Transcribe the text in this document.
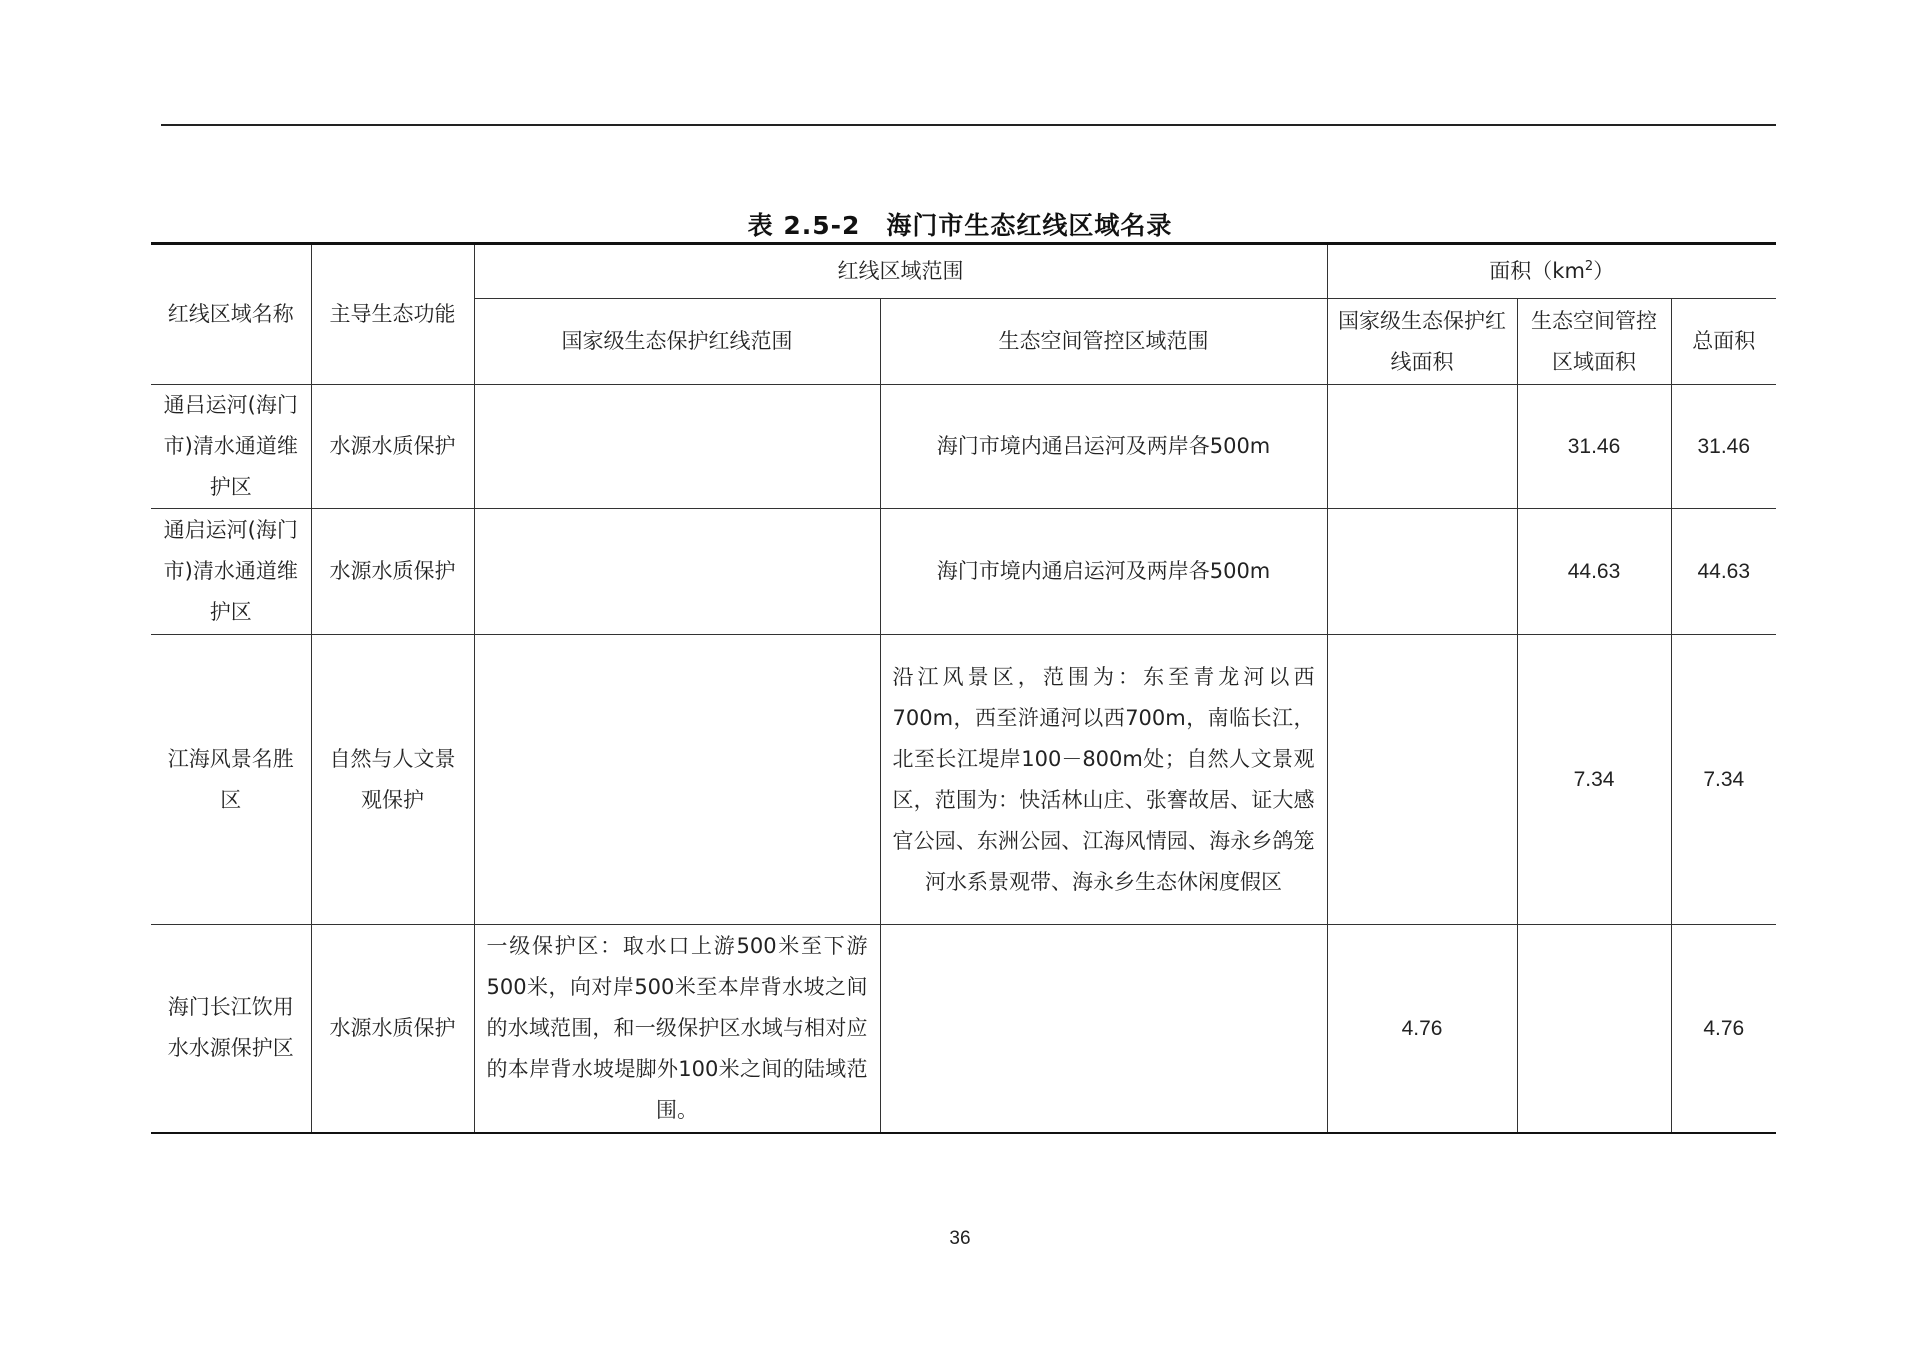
表 2.5-2 海门市生态红线区域名录
红线区域名称	主导生态功能	红线区域范围		面积$(km^2)$		
		国家级生态保护红线范围	生态空间管控区域范围	国家级生态保护红线面积	生态空间管控区域面积	总面积
通吕运河(海门市)清水通道维护区	水源水质保护		海门市境内通吕运河及两岸各500m		31.46	31.46
通启运河(海门市)清水通道维护区	水源水质保护		海门市境内通启运河及两岸各500m		44.63	44.63
江海风景名胜区	自然与人文景观保护		沿江风景区，范围为：东至青龙河以西700m，西至浒通河以西700m，南临长江，北至长江堤岸100－800m处；自然人文景观区，范围为：快活林山庄、张謇故居、证大感官公园、东洲公园、江海风情园、海永乡鸽笼河水系景观带、海永乡生态休闲度假区		7.34	7.34
海门长江饮用水水源保护区	水源水质保护	一级保护区：取水口上游500米至下游500米，向对岸500米至本岸背水坡之间的水域范围，和一级保护区水域与相对应的本岸背水坡堤脚外100米之间的陆域范围。		4.76		4.76
36
